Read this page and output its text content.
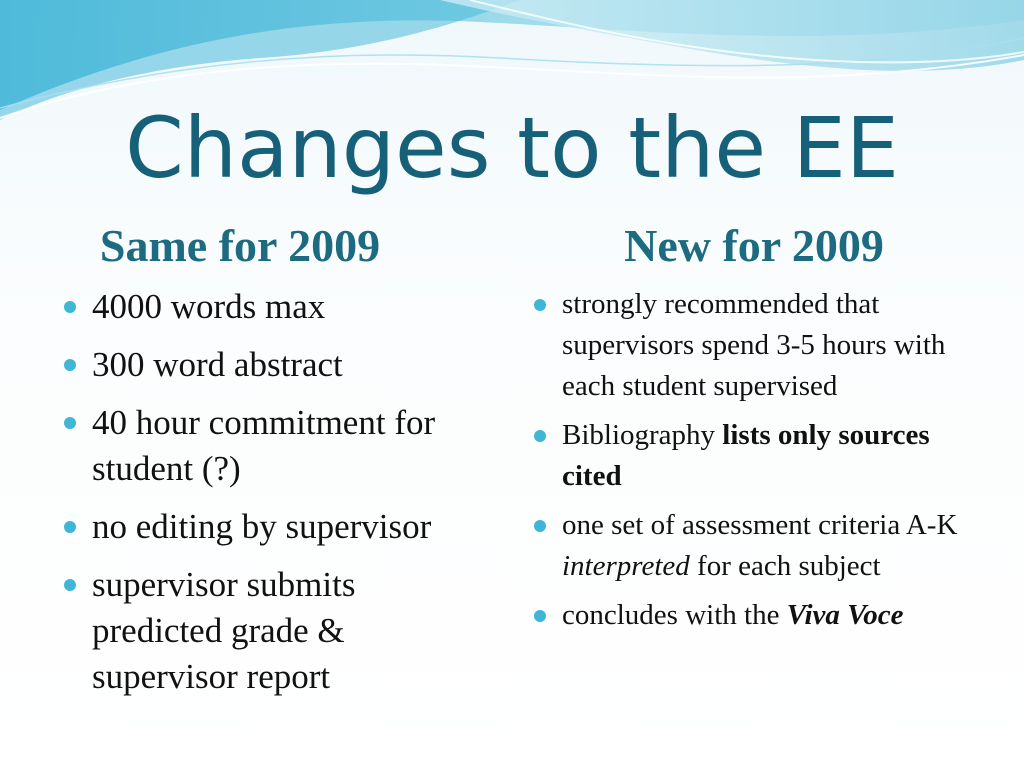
Changes to the EE
Same for 2009	New for 2009
4000 words max
300 word abstract
40 hour commitment for student (?)
no editing by supervisor
supervisor submits predicted grade & supervisor report
strongly recommended that supervisors spend 3-5 hours with each student supervised
Bibliography lists only sources cited
one set of assessment criteria A-K interpreted for each subject
concludes with the Viva Voce
